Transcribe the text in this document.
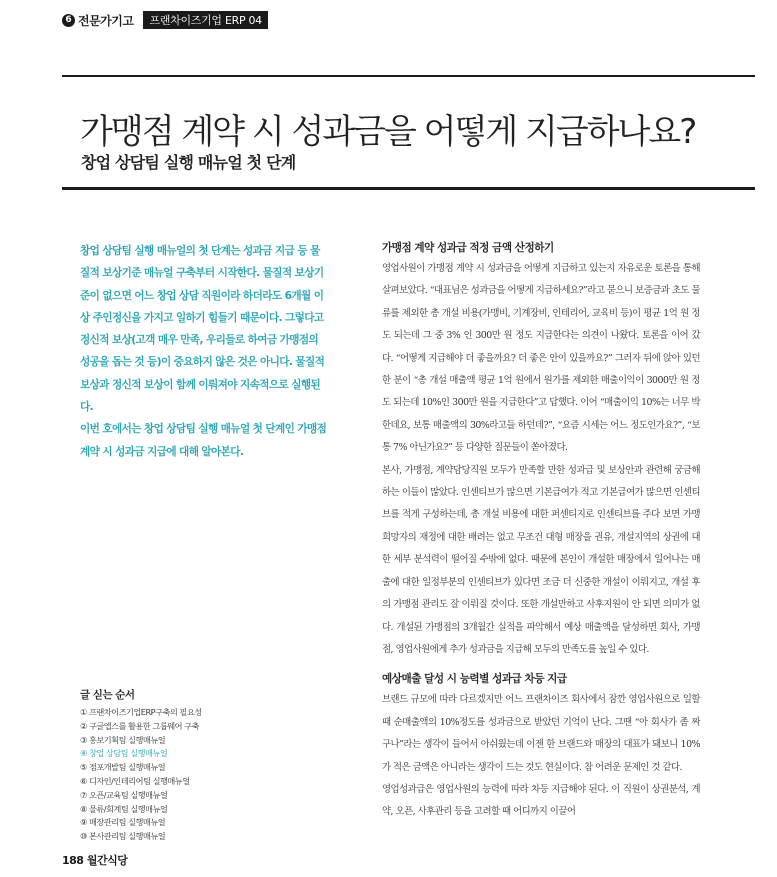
6 전문가기고	프랜차이즈기업 ERP 04
가맹점 계약 시 성과금을 어떻게 지급하나요?
창업 상담팀 실행 매뉴얼 첫 단계

창업 상담팀 실행 매뉴얼의 첫 단계는 성과금 지급 등 물질적 보상기준 매뉴얼 구축부터 시작한다. 물질적 보상기준이 없으면 어느 창업 상담 직원이라 하더라도 6개월 이상 주인정신을 가지고 일하기 힘들기 때문이다. 그렇다고 정신적 보상(고객 매우 만족, 우리들로 하여금 가맹점의 성공을 돕는 것 등)이 중요하지 않은 것은 아니다. 물질적 보상과 정신적 보상이 함께 이뤄져야 지속적으로 실행된다.

이번 호에서는 창업 상담팀 실행 매뉴얼 첫 단계인 가맹점 계약 시 성과금 지급에 대해 알아본다.

글 싣는 순서
① 프랜차이즈기업ERP구축의 필요성
② 구글앱스를 활용한 그룹웨어 구축
③ 홍보기획팀 실행매뉴얼
④ 창업 상담팀 실행매뉴얼
⑤ 점포개발팀 실행매뉴얼
⑥ 디자인/인테리어팀 실행매뉴얼
⑦ 오픈/교육팀 실행매뉴얼
⑧ 물류/회계팀 실행매뉴얼
⑨ 매장관리팀 실행매뉴얼
⑩ 본사관리팀 실행매뉴얼
가맹점 계약 성과급 적정 금액 산정하기

영업사원이 가맹점 계약 시 성과금을 어떻게 지급하고 있는지 자유로운 토론을 통해 살펴보았다. “대표님은 성과금을 어떻게 지급하세요?”라고 묻으니 보증금과 초도 물류를 제외한 총 개설 비용(가맹비, 기계장비, 인테리어, 교육비 등)이 평균 1억 원 정도 되는데 그 중 3% 인 300만 원 정도 지급한다는 의견이 나왔다. 토론을 이어 갔다. “어떻게 지급해야 더 좋을까요? 더 좋은 안이 있을까요?” 그러자 뒤에 앉아 있던 한 분이 “총 개설 매출액 평균 1억 원에서 원가를 제외한 매출이익이 3000만 원 정도 되는데 10%인 300만 원을 지급한다”고 답했다. 이어 “매출이익 10%는 너무 박한데요, 보통 매출액의 30%라고들 하던데?”, “요즘 시세는 어느 정도인가요?”, “보통 7% 아닌가요?” 등 다양한 질문들이 쏟아졌다.

본사, 가맹점, 계약담당직원 모두가 만족할 만한 성과급 및 보상안과 관련해 궁금해 하는 이들이 많았다. 인센티브가 많으면 기본급여가 적고 기본급여가 많으면 인센티브를 적게 구성하는데, 총 개설 비용에 대한 퍼센티지로 인센티브를 주다 보면 가맹희망자의 재정에 대한 배려는 없고 무조건 대형 매장을 권유, 개설지역의 상권에 대한 세부 분석력이 떨어질 수밖에 없다. 때문에 본인이 개설한 매장에서 일어나는 매출에 대한 일정부분의 인센티브가 있다면 조금 더 신중한 개설이 이뤄지고, 개설 후의 가맹점 관리도 잘 이뤄질 것이다. 또한 개설만하고 사후지원이 안 되면 의미가 없다. 개설된 가맹점의 3개월간 실적을 파악해서 예상 매출액을 달성하면 회사, 가맹점, 영업사원에게 추가 성과금을 지급해 모두의 만족도를 높일 수 있다.

예상매출 달성 시 능력별 성과급 차등 지급

브랜드 규모에 따라 다르겠지만 어느 프랜차이즈 회사에서 잠깐 영업사원으로 일할 때 순매출액의 10%정도를 성과금으로 받았던 기억이 난다. 그땐 “아 회사가 좀 짜구나”라는 생각이 들어서 아쉬웠는데 이젠 한 브랜드와 매장의 대표가 돼보니 10%가 적은 금액은 아니라는 생각이 드는 것도 현실이다. 참 어려운 문제인 것 같다.

영업성과급은 영업사원의 능력에 따라 차등 지급해야 된다. 이 직원이 상권분석, 계약, 오픈, 사후관리 등을 고려할 때 어디까지 이끌어

188 월간식당
